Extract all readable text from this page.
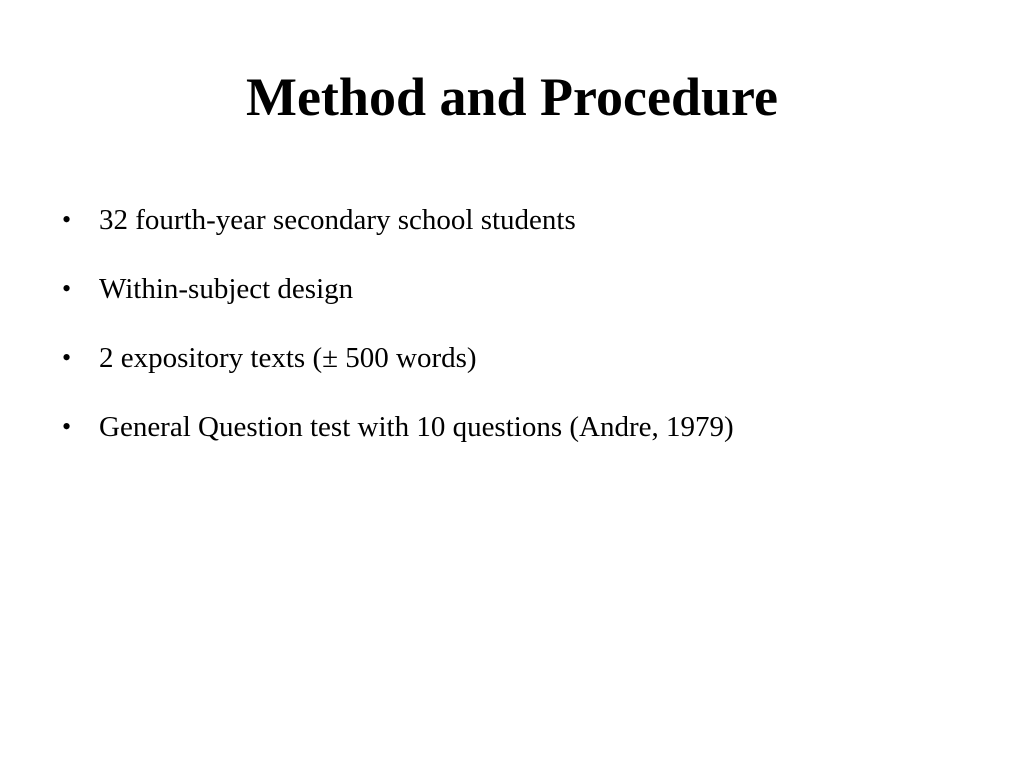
Method and Procedure
• 32 fourth-year secondary school students
• Within-subject design
• 2 expository texts (± 500 words)
• General Question test with 10 questions (Andre, 1979)
